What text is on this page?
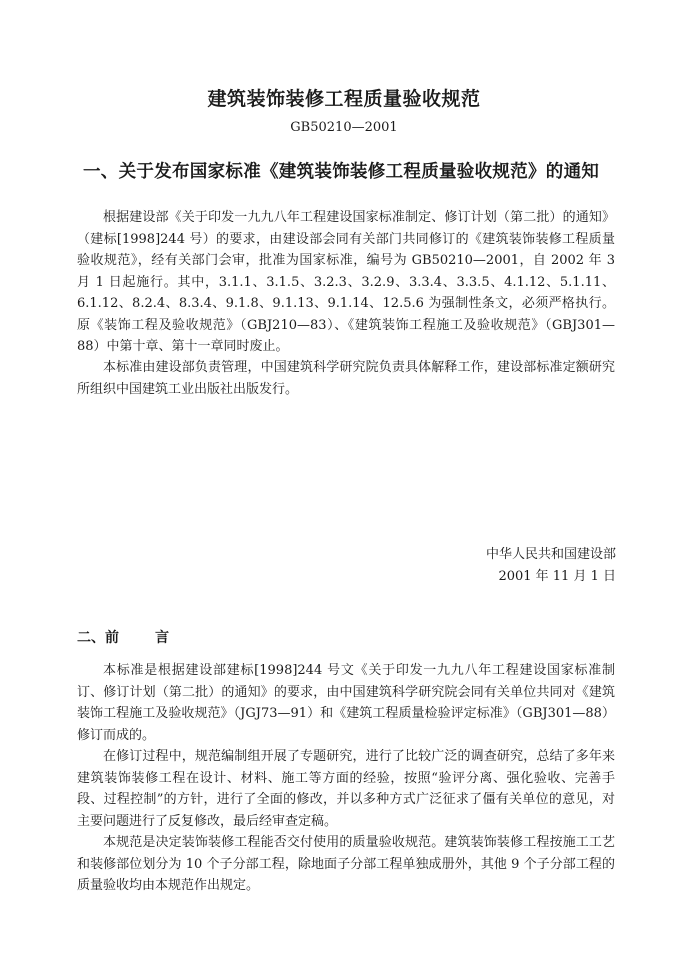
建筑装饰装修工程质量验收规范
GB50210—2001
一、关于发布国家标准《建筑装饰装修工程质量验收规范》的通知

根据建设部《关于印发一九九八年工程建设国家标准制定、修订计划（第二批）的通知》（建标[1998]244 号）的要求，由建设部会同有关部门共同修订的《建筑装饰装修工程质量验收规范》，经有关部门会审，批准为国家标准，编号为 GB50210—2001，自 2002 年 3 月 1 日起施行。其中，3.1.1、3.1.5、3.2.3、3.2.9、3.3.4、3.3.5、4.1.12、5.1.11、6.1.12、8.2.4、8.3.4、9.1.8、9.1.13、9.1.14、12.5.6 为强制性条文，必须严格执行。原《装饰工程及验收规范》（GBJ210—83）、《建筑装饰工程施工及验收规范》（GBJ301—88）中第十章、第十一章同时废止。

本标准由建设部负责管理，中国建筑科学研究院负责具体解释工作，建设部标准定额研究所组织中国建筑工业出版社出版发行。

中华人民共和国建设部
2001 年 11 月 1 日
二、前	言

本标准是根据建设部建标[1998]244 号文《关于印发一九九八年工程建设国家标准制订、修订计划（第二批）的通知》的要求，由中国建筑科学研究院会同有关单位共同对《建筑装饰工程施工及验收规范》（JGJ73—91）和《建筑工程质量检验评定标准》（GBJ301—88）修订而成的。

在修订过程中，规范编制组开展了专题研究，进行了比较广泛的调查研究，总结了多年来建筑装饰装修工程在设计、材料、施工等方面的经验，按照“验评分离、强化验收、完善手段、过程控制”的方针，进行了全面的修改，并以多种方式广泛征求了僵有关单位的意见，对主要问题进行了反复修改，最后经审查定稿。

本规范是决定装饰装修工程能否交付使用的质量验收规范。建筑装饰装修工程按施工工艺和装修部位划分为 10 个子分部工程，除地面子分部工程单独成册外，其他 9 个子分部工程的质量验收均由本规范作出规定。
